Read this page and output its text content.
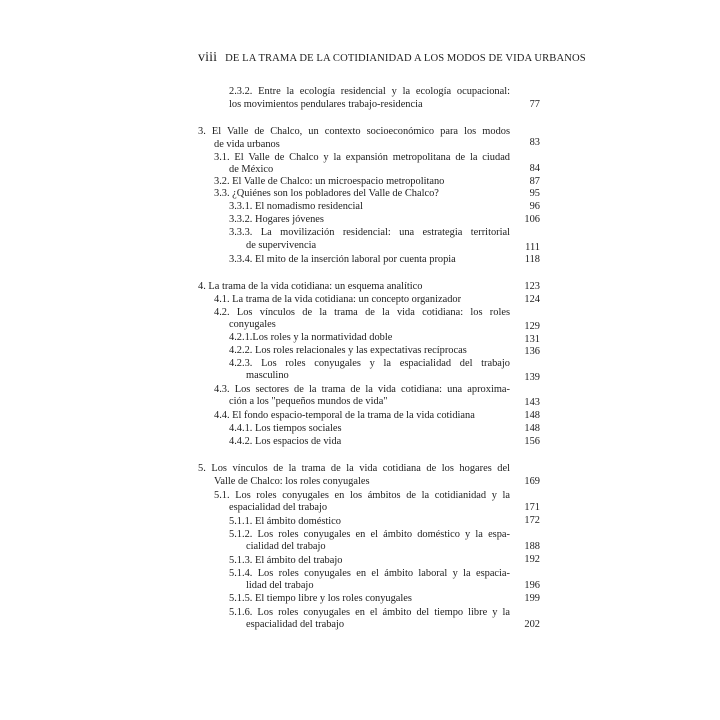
viii DE LA TRAMA DE LA COTIDIANIDAD A LOS MODOS DE VIDA URBANOS
2.3.2. Entre la ecología residencial y la ecología ocupacional:
los movimientos pendulares trabajo-residencia	77
3. El Valle de Chalco, un contexto socioeconómico para los modos
de vida urbanos	83
3.1. El Valle de Chalco y la expansión metropolitana de la ciudad
de México	84
3.2. El Valle de Chalco: un microespacio metropolitano	87
3.3. ¿Quiénes son los pobladores del Valle de Chalco?	95
3.3.1. El nomadismo residencial	96
3.3.2. Hogares jóvenes	106
3.3.3. La movilización residencial: una estrategia territorial
de supervivencia	111
3.3.4. El mito de la inserción laboral por cuenta propia	118
4. La trama de la vida cotidiana: un esquema analítico	123
4.1. La trama de la vida cotidiana: un concepto organizador	124
4.2. Los vínculos de la trama de la vida cotidiana: los roles
conyugales	129
4.2.1.Los roles y la normatividad doble	131
4.2.2. Los roles relacionales y las expectativas recíprocas	136
4.2.3. Los roles conyugales y la espacialidad del trabajo
masculino	139
4.3. Los sectores de la trama de la vida cotidiana: una aproxima-
ción a los "pequeños mundos de vida"	143
4.4. El fondo espacio-temporal de la trama de la vida cotidiana	148
4.4.1. Los tiempos sociales	148
4.4.2. Los espacios de vida	156
5. Los vínculos de la trama de la vida cotidiana de los hogares del
Valle de Chalco: los roles conyugales	169
5.1. Los roles conyugales en los ámbitos de la cotidianidad y la
espacialidad del trabajo	171
5.1.1. El ámbito doméstico	172
5.1.2. Los roles conyugales en el ámbito doméstico y la espa-
cialidad del trabajo	188
5.1.3. El ámbito del trabajo	192
5.1.4. Los roles conyugales en el ámbito laboral y la espacia-
lidad del trabajo	196
5.1.5. El tiempo libre y los roles conyugales	199
5.1.6. Los roles conyugales en el ámbito del tiempo libre y la
espacialidad del trabajo	202
